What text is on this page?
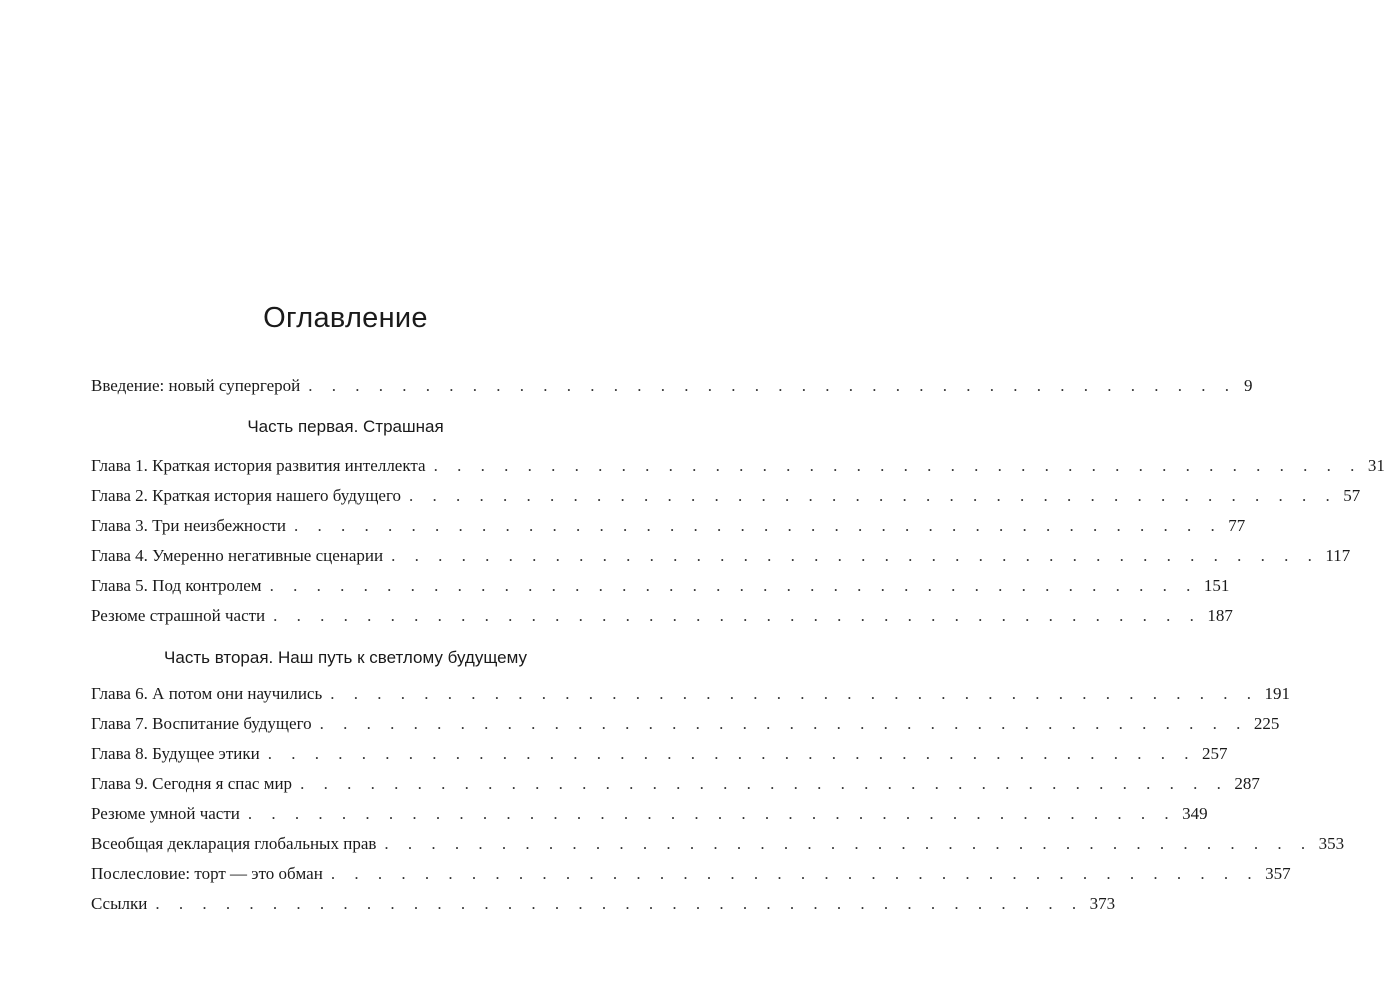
Оглавление
Введение: новый супергерой . . . . . . . . . . . . . . . . . . . . . . . . . . . . . . . . . . . . . . . . 9
Часть первая. Страшная
Глава 1. Краткая история развития интеллекта . . . . . . . . . . . . . . . . . . . . . . . . . . . . . . . . . . . . . . . . 31
Глава 2. Краткая история нашего будущего . . . . . . . . . . . . . . . . . . . . . . . . . . . . . . . . . . . . . . . . 57
Глава 3. Три неизбежности . . . . . . . . . . . . . . . . . . . . . . . . . . . . . . . . . . . . . . . . 77
Глава 4. Умеренно негативные сценарии . . . . . . . . . . . . . . . . . . . . . . . . . . . . . . . . . . . . . . . . 117
Глава 5. Под контролем . . . . . . . . . . . . . . . . . . . . . . . . . . . . . . . . . . . . . . . . 151
Резюме страшной части . . . . . . . . . . . . . . . . . . . . . . . . . . . . . . . . . . . . . . . . 187
Часть вторая. Наш путь к светлому будущему
Глава 6. А потом они научились . . . . . . . . . . . . . . . . . . . . . . . . . . . . . . . . . . . . . . . . 191
Глава 7. Воспитание будущего . . . . . . . . . . . . . . . . . . . . . . . . . . . . . . . . . . . . . . . . 225
Глава 8. Будущее этики . . . . . . . . . . . . . . . . . . . . . . . . . . . . . . . . . . . . . . . . 257
Глава 9. Сегодня я спас мир . . . . . . . . . . . . . . . . . . . . . . . . . . . . . . . . . . . . . . . . 287
Резюме умной части . . . . . . . . . . . . . . . . . . . . . . . . . . . . . . . . . . . . . . . . 349
Всеобщая декларация глобальных прав . . . . . . . . . . . . . . . . . . . . . . . . . . . . . . . . . . . . . . . . 353
Послесловие: торт — это обман . . . . . . . . . . . . . . . . . . . . . . . . . . . . . . . . . . . . . . . . 357
Ссылки . . . . . . . . . . . . . . . . . . . . . . . . . . . . . . . . . . . . . . . . 373
